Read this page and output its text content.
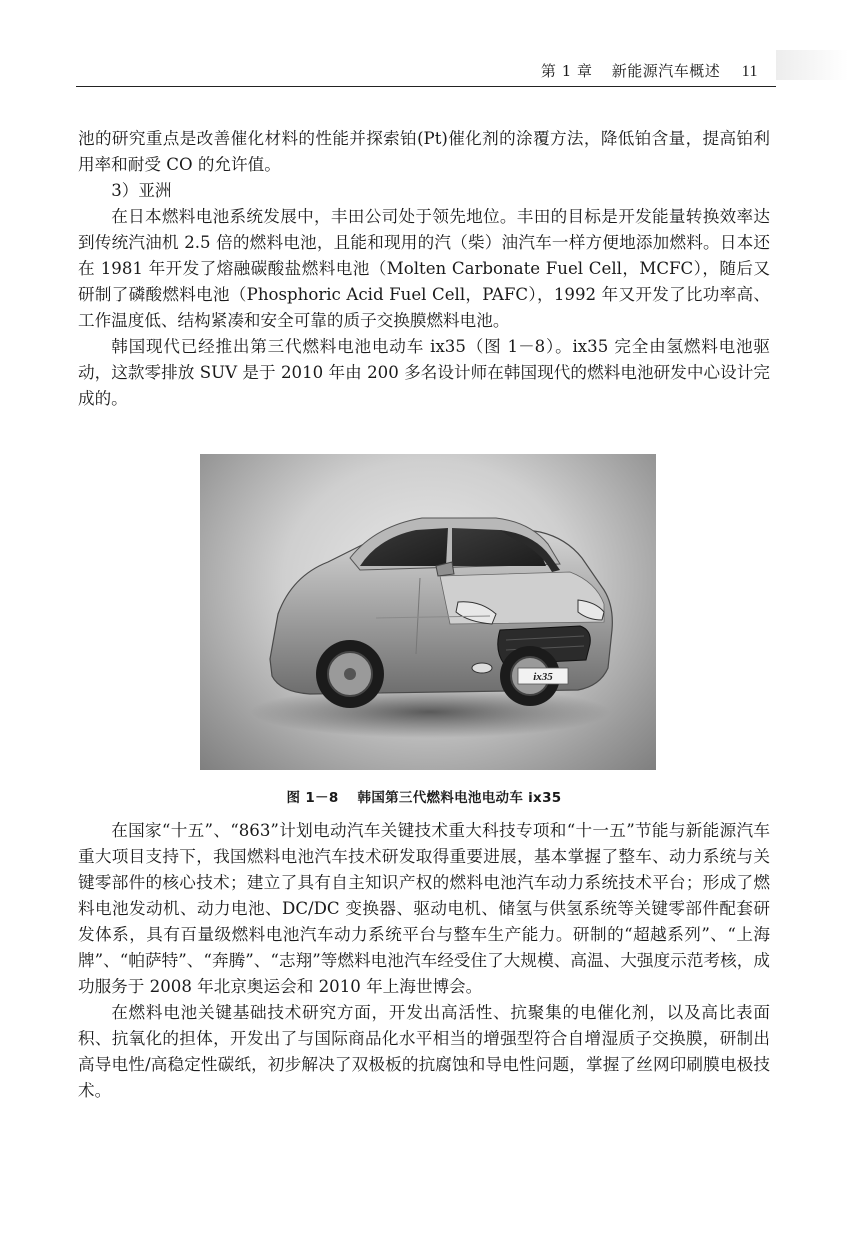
第 1 章 新能源汽车概述 11

池的研究重点是改善催化材料的性能并探索铂(Pt)催化剂的涂覆方法，降低铂含量，提高铂利用率和耐受 CO 的允许值。

3）亚洲

在日本燃料电池系统发展中，丰田公司处于领先地位。丰田的目标是开发能量转换效率达到传统汽油机 2.5 倍的燃料电池，且能和现用的汽（柴）油汽车一样方便地添加燃料。日本还在 1981 年开发了熔融碳酸盐燃料电池（Molten Carbonate Fuel Cell，MCFC），随后又研制了磷酸燃料电池（Phosphoric Acid Fuel Cell，PAFC），1992 年又开发了比功率高、工作温度低、结构紧凑和安全可靠的质子交换膜燃料电池。

韩国现代已经推出第三代燃料电池电动车 ix35（图 1－8）。ix35 完全由氢燃料电池驱动，这款零排放 SUV 是于 2010 年由 200 多名设计师在韩国现代的燃料电池研发中心设计完成的。

ix35
图 1－8 韩国第三代燃料电池电动车 ix35

在国家“十五”、“863”计划电动汽车关键技术重大科技专项和“十一五”节能与新能源汽车重大项目支持下，我国燃料电池汽车技术研发取得重要进展，基本掌握了整车、动力系统与关键零部件的核心技术；建立了具有自主知识产权的燃料电池汽车动力系统技术平台；形成了燃料电池发动机、动力电池、DC/DC 变换器、驱动电机、储氢与供氢系统等关键零部件配套研发体系，具有百量级燃料电池汽车动力系统平台与整车生产能力。研制的“超越系列”、“上海牌”、“帕萨特”、“奔腾”、“志翔”等燃料电池汽车经受住了大规模、高温、大强度示范考核，成功服务于 2008 年北京奥运会和 2010 年上海世博会。

在燃料电池关键基础技术研究方面，开发出高活性、抗聚集的电催化剂，以及高比表面积、抗氧化的担体，开发出了与国际商品化水平相当的增强型符合自增湿质子交换膜，研制出高导电性/高稳定性碳纸，初步解决了双极板的抗腐蚀和导电性问题，掌握了丝网印刷膜电极技术。
